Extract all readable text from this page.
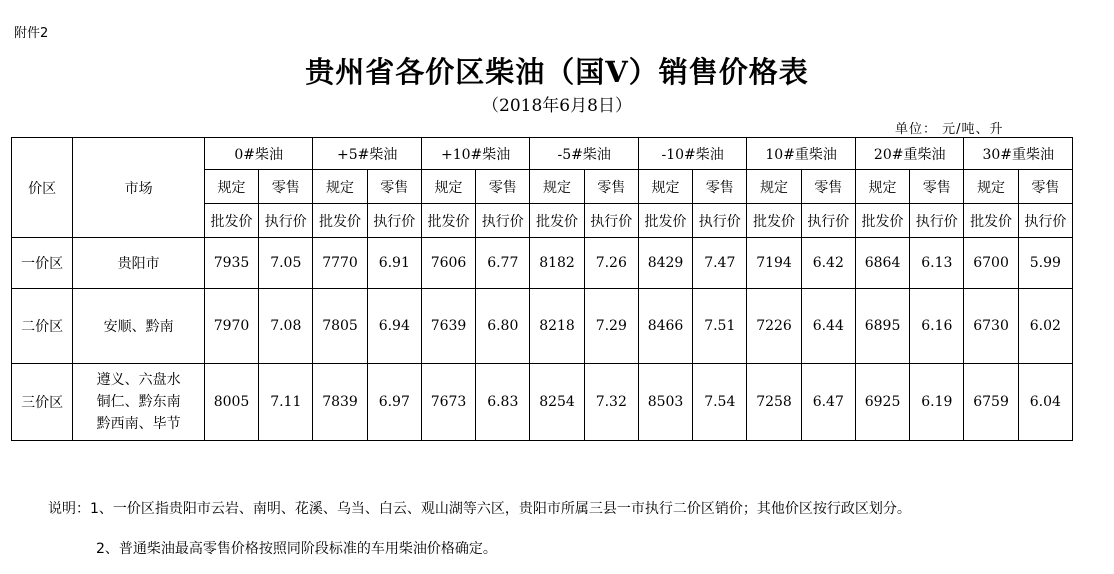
附件2
贵州省各价区柴油（国Ⅴ）销售价格表
（2018年6月8日）
单位： 元/吨、升
价区	市场	0#柴油		+5#柴油		+10#柴油		-5#柴油		-10#柴油		10#重柴油		20#重柴油		30#重柴油	
		规定	零售	规定	零售	规定	零售	规定	零售	规定	零售	规定	零售	规定	零售	规定	零售
		批发价	执行价	批发价	执行价	批发价	执行价	批发价	执行价	批发价	执行价	批发价	执行价	批发价	执行价	批发价	执行价
一价区	贵阳市	7935	7.05	7770	6.91	7606	6.77	8182	7.26	8429	7.47	7194	6.42	6864	6.13	6700	5.99
二价区	安顺、黔南	7970	7.08	7805	6.94	7639	6.80	8218	7.29	8466	7.51	7226	6.44	6895	6.16	6730	6.02
三价区	遵义、六盘水
铜仁、黔东南
黔西南、毕节	8005	7.11	7839	6.97	7673	6.83	8254	7.32	8503	7.54	7258	6.47	6925	6.19	6759	6.04
说明：1、一价区指贵阳市云岩、南明、花溪、乌当、白云、观山湖等六区，贵阳市所属三县一市执行二价区销价；其他价区按行政区划分。
2、普通柴油最高零售价格按照同阶段标准的车用柴油价格确定。
